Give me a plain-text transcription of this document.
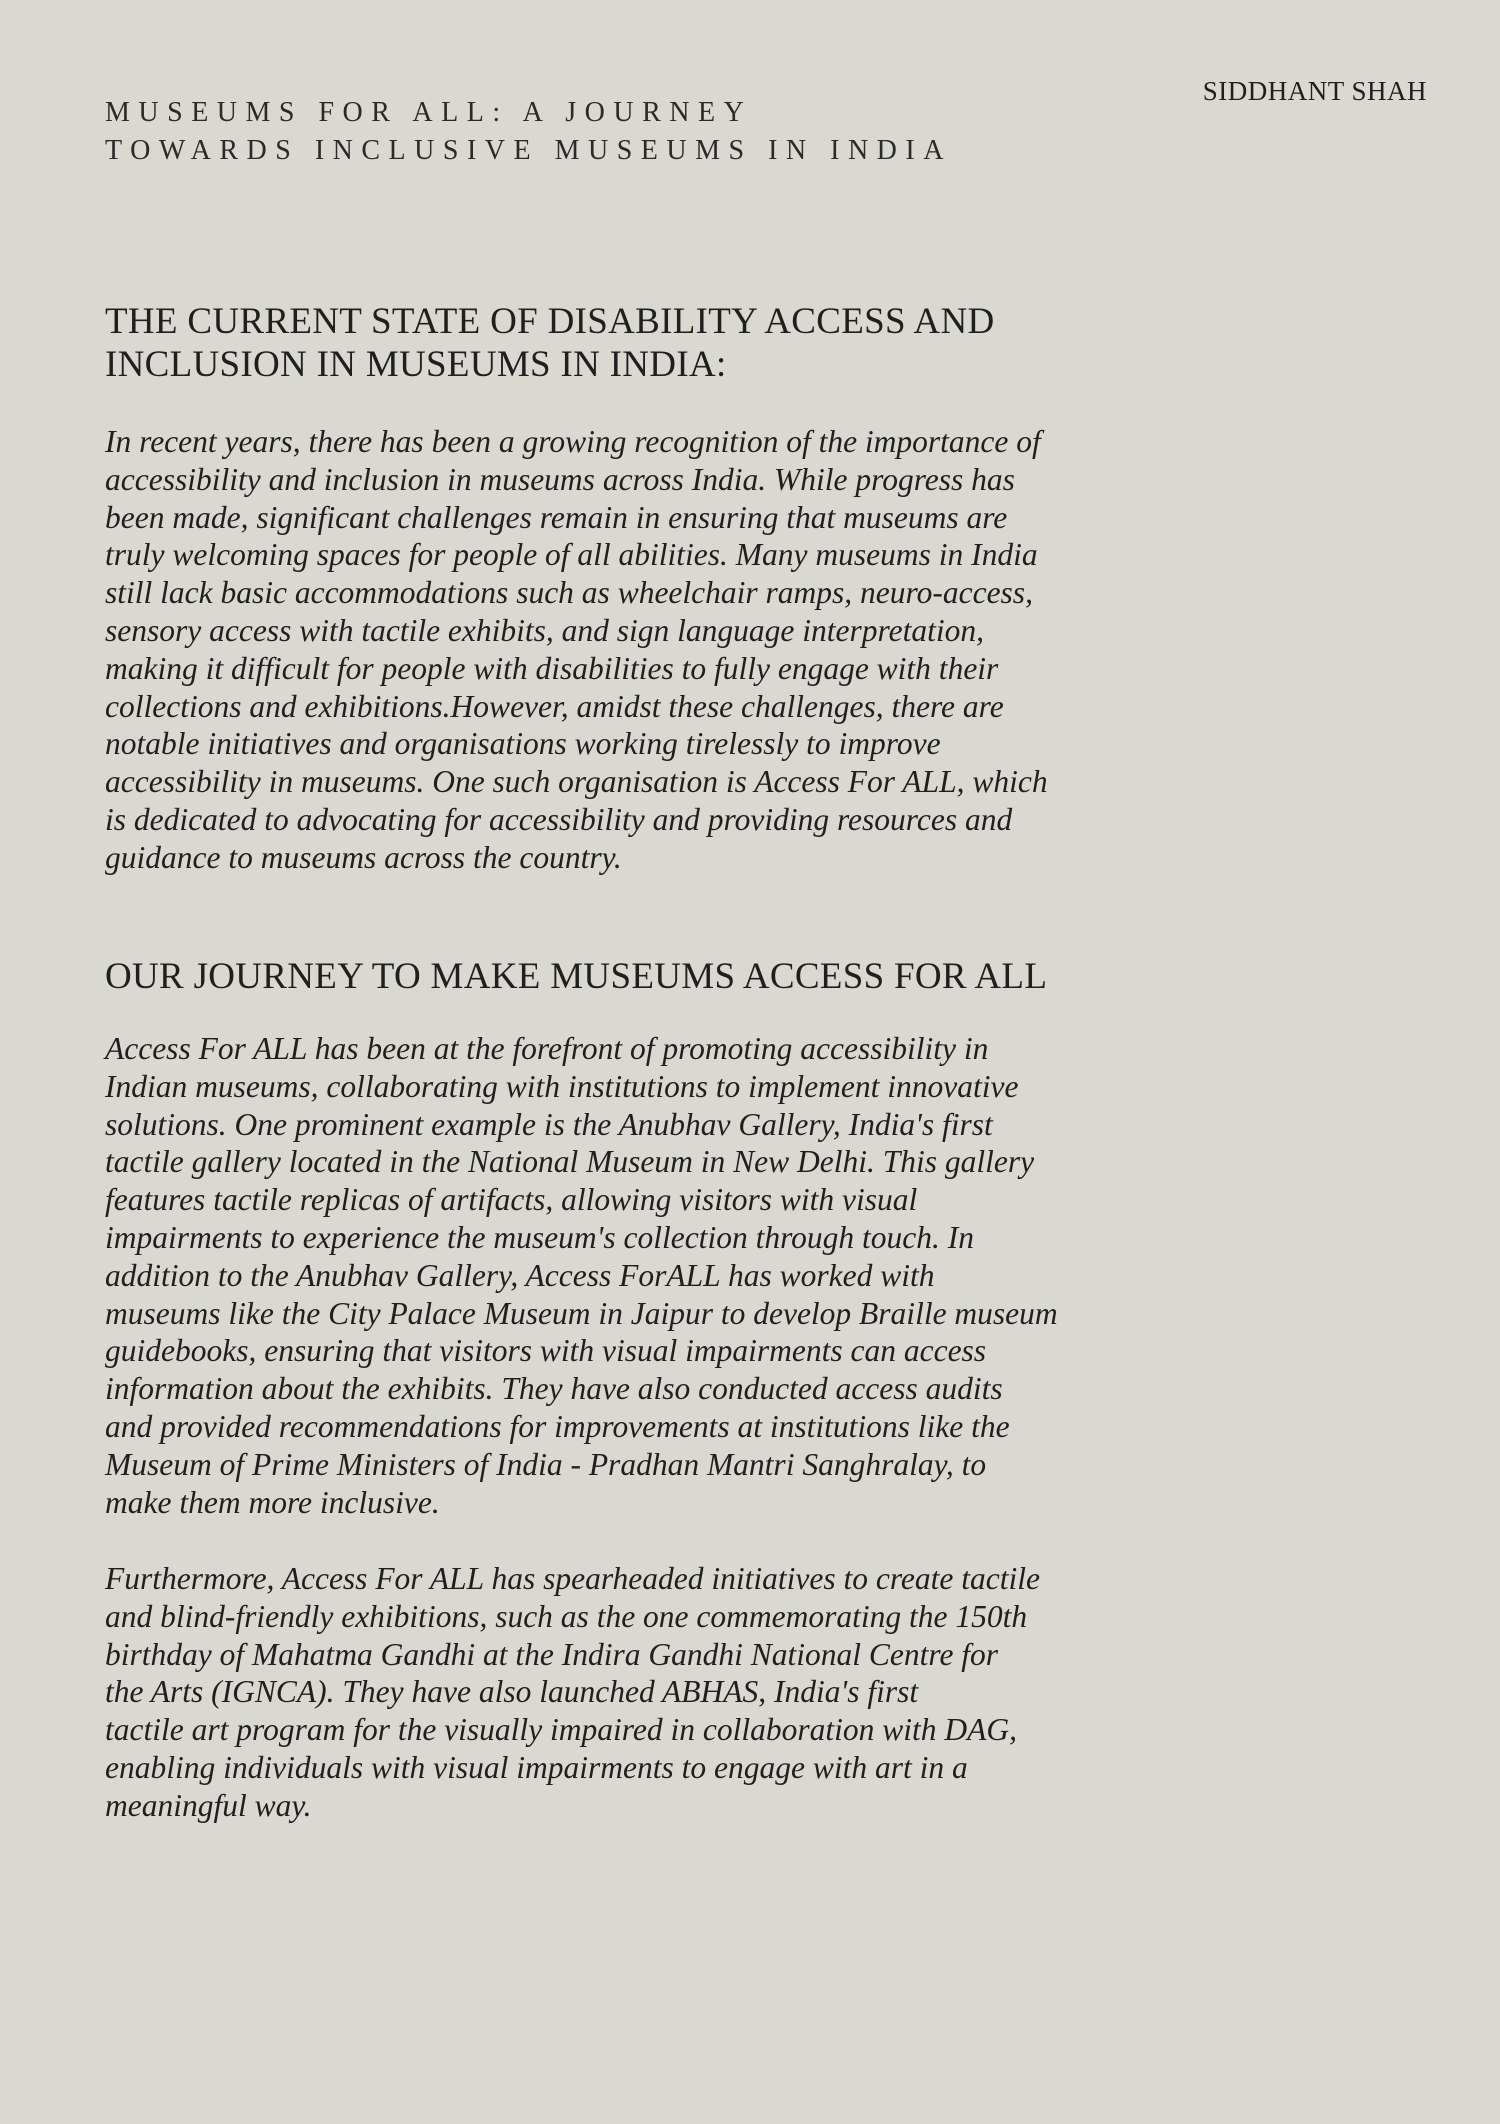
MUSEUMS FOR ALL: A JOURNEY
TOWARDS INCLUSIVE MUSEUMS IN INDIA
SIDDHANT SHAH
THE CURRENT STATE OF DISABILITY ACCESS AND
INCLUSION IN MUSEUMS IN INDIA:
In recent years, there has been a growing recognition of the importance of
accessibility and inclusion in museums across India. While progress has
been made, significant challenges remain in ensuring that museums are
truly welcoming spaces for people of all abilities. Many museums in India
still lack basic accommodations such as wheelchair ramps, neuro-access,
sensory access with tactile exhibits, and sign language interpretation,
making it difficult for people with disabilities to fully engage with their
collections and exhibitions.However, amidst these challenges, there are
notable initiatives and organisations working tirelessly to improve
accessibility in museums. One such organisation is Access For ALL, which
is dedicated to advocating for accessibility and providing resources and
guidance to museums across the country.
OUR JOURNEY TO MAKE MUSEUMS ACCESS FOR ALL
Access For ALL has been at the forefront of promoting accessibility in
Indian museums, collaborating with institutions to implement innovative
solutions. One prominent example is the Anubhav Gallery, India's first
tactile gallery located in the National Museum in New Delhi. This gallery
features tactile replicas of artifacts, allowing visitors with visual
impairments to experience the museum's collection through touch. In
addition to the Anubhav Gallery, Access ForALL has worked with
museums like the City Palace Museum in Jaipur to develop Braille museum
guidebooks, ensuring that visitors with visual impairments can access
information about the exhibits. They have also conducted access audits
and provided recommendations for improvements at institutions like the
Museum of Prime Ministers of India - Pradhan Mantri Sanghralay, to
make them more inclusive.
Furthermore, Access For ALL has spearheaded initiatives to create tactile
and blind-friendly exhibitions, such as the one commemorating the 150th
birthday of Mahatma Gandhi at the Indira Gandhi National Centre for
the Arts (IGNCA). They have also launched ABHAS, India's first
tactile art program for the visually impaired in collaboration with DAG,
enabling individuals with visual impairments to engage with art in a
meaningful way.
